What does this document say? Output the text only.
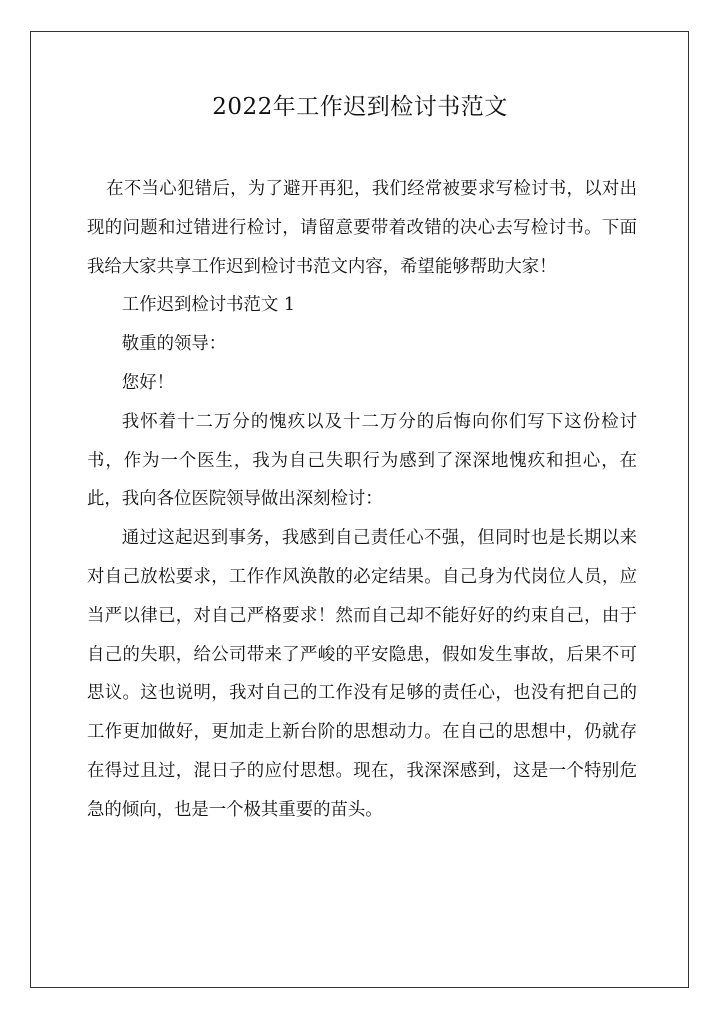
2022年工作迟到检讨书范文

在不当心犯错后，为了避开再犯，我们经常被要求写检讨书，以对出现的问题和过错进行检讨，请留意要带着改错的决心去写检讨书。下面我给大家共享工作迟到检讨书范文内容，希望能够帮助大家！

工作迟到检讨书范文 1

敬重的领导：

您好！

我怀着十二万分的愧疚以及十二万分的后悔向你们写下这份检讨书，作为一个医生，我为自己失职行为感到了深深地愧疚和担心，在此，我向各位医院领导做出深刻检讨：

通过这起迟到事务，我感到自己责任心不强，但同时也是长期以来对自己放松要求，工作作风涣散的必定结果。自己身为代岗位人员，应当严以律已，对自己严格要求！然而自己却不能好好的约束自己，由于自己的失职，给公司带来了严峻的平安隐患，假如发生事故，后果不可思议。这也说明，我对自己的工作没有足够的责任心，也没有把自己的工作更加做好，更加走上新台阶的思想动力。在自己的思想中，仍就存在得过且过，混日子的应付思想。现在，我深深感到，这是一个特别危急的倾向，也是一个极其重要的苗头。
